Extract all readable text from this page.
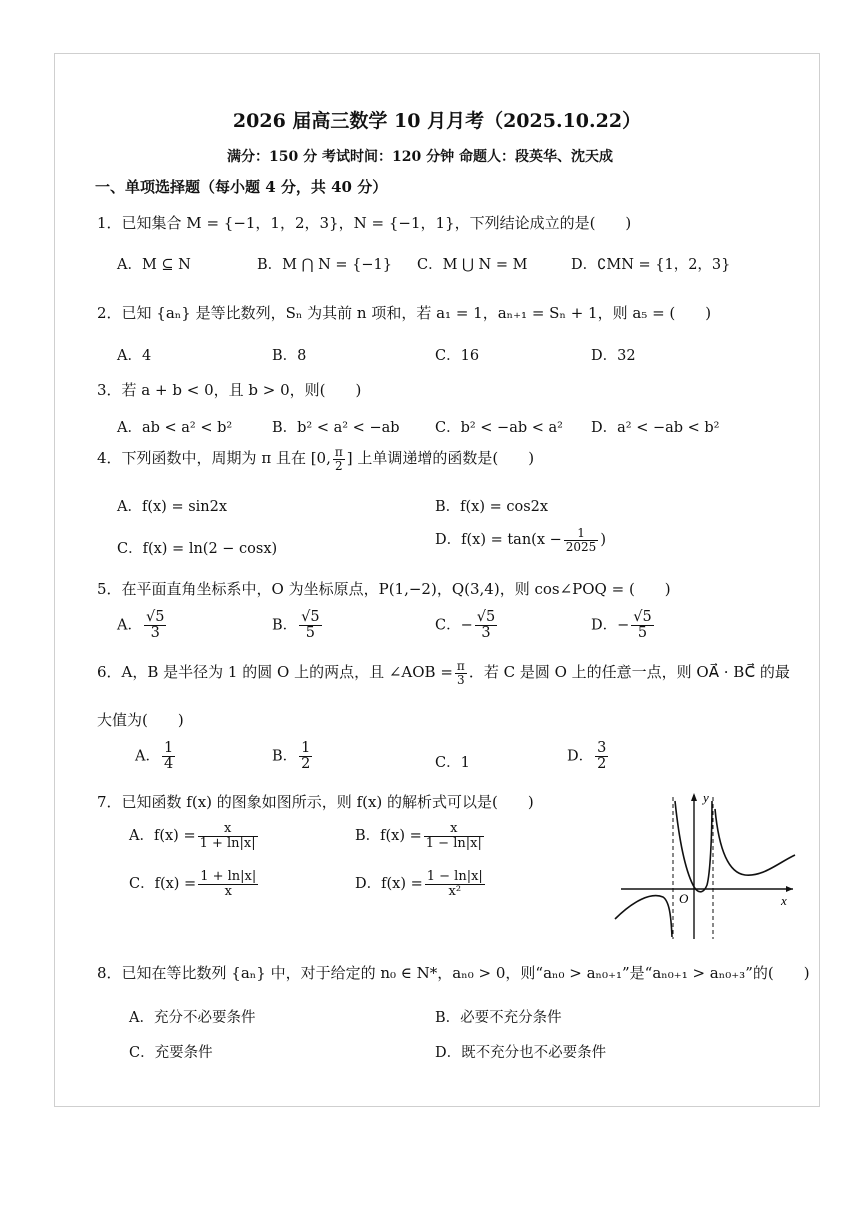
2026 届高三数学 10 月月考（2025.10.22）
满分：150 分 考试时间：120 分钟 命题人：段英华、沈天成
一、单项选择题（每小题 4 分，共 40 分）
1．已知集合 M = {−1，1，2，3}，N = {−1，1}，下列结论成立的是(　　)
A．M ⊆ N	B．M ⋂ N = {−1} C．M ⋃ N = M	D．∁MN = {1，2，3}
2．已知 {aₙ} 是等比数列，Sₙ 为其前 n 项和，若 a₁ = 1，aₙ₊₁ = Sₙ + 1，则 a₅ = (　　)
A．4	B．8	C．16	D．32
3．若 a + b < 0，且 b > 0，则(　　)
A．ab < a² < b²	B．b² < a² < −ab C．b² < −ab < a² D．a² < −ab < b²
4．下列函数中，周期为 π 且在 [0, $\frac{\pi}{2}$ ] 上单调递增的函数是(　　)
A．f(x) = sin2x	B．f(x) = cos2x
C．f(x) = ln(2 − cosx)
D．$f(x) = \tan(x - \frac{1}{2025}$ )
5．在平面直角坐标系中，O 为坐标原点，P(1,−2)，Q(3,4)，则 cos∠POQ = (　　)
A． $\frac{√5}{3}$	B． $\frac{√5}{5}$	C．− $\frac{√5}{3}$	D．− $\frac{√5}{5}$
6．A，B 是半径为 1 的圆 O 上的两点，且 ∠AOB = $\frac{\pi}{3}$ ．若 C 是圆 O 上的任意一点，则 OA⃗ · BC⃗ 的最
大值为(　　)
A． $\frac{1}{4}$	B． $\frac{1}{2}$	C．1	D． $\frac{3}{2}$
7．已知函数 f(x) 的图象如图所示，则 f(x) 的解析式可以是(　　)
A．$f(x) = \frac{x}{1 + \ln|x|}$	B．$f(x) = \frac{x}{1 - \ln|x|}$
C．$f(x) = \frac{1 + \ln|x|}{x}$	D．$f(x) = \frac{1 - \ln|x|}{\text{x²}}$
y
x
O
8．已知在等比数列 {aₙ} 中，对于给定的 n₀ ∈ N*，aₙ₀ > 0，则“aₙ₀ > aₙ₀₊₁”是“aₙ₀₊₁ > aₙ₀₊₃”的(　　)
A．充分不必要条件	B．必要不充分条件
C．充要条件	D．既不充分也不必要条件
